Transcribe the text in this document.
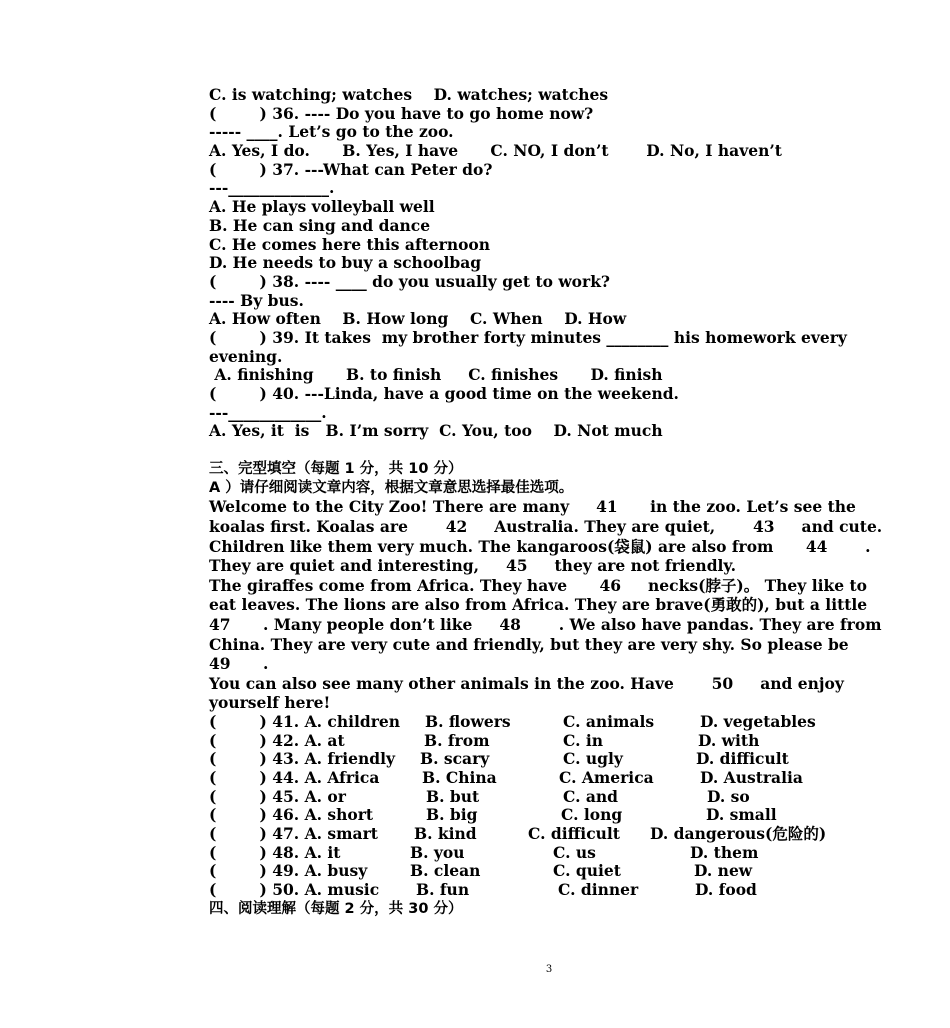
C. is watching; watches    D. watches; watches
(        ) 36. ---- Do you have to go home now?
----- ____. Let’s go to the zoo.
A. Yes, I do.      B. Yes, I have      C. NO, I don’t       D. No, I haven’t
(        ) 37. ---What can Peter do?
---_____________.
A. He plays volleyball well
B. He can sing and dance
C. He comes here this afternoon
D. He needs to buy a schoolbag
(        ) 38. ---- ____ do you usually get to work?
---- By bus.
A. How often    B. How long    C. When    D. How
(        ) 39. It takes  my brother forty minutes ________ his homework every
evening.
A. finishing      B. to finish     C. finishes      D. finish
(        ) 40. ---Linda, have a good time on the weekend.
---____________.
A. Yes, it  is   B. I’m sorry  C. You, too    D. Not much
三、完型填空（每题 1 分，共 10 分）
A ）请仔细阅读文章内容，根据文章意思选择最佳选项。
Welcome to the City Zoo! There are many     41      in the zoo. Let’s see the
koalas first. Koalas are       42     Australia. They are quiet,       43     and cute.
Children like them very much. The kangaroos(袋鼠) are also from      44       .
They are quiet and interesting,     45     they are not friendly.
The giraffes come from Africa. They have      46     necks(脖子)。 They like to
eat leaves. The lions are also from Africa. They are brave(勇敢的), but a little
47      . Many people don’t like     48       . We also have pandas. They are from
China. They are very cute and friendly, but they are very shy. So please be
49      .
You can also see many other animals in the zoo. Have       50     and enjoy
yourself here!
(        ) 41. A. children B. flowers	C. animals	D. vegetables
(        ) 42. A. at	B. from	C. in	D. with
(        ) 43. A. friendly B. scary	C. ugly	D. difficult
(        ) 44. A. Africa	B. China	C. America	D. Australia
(        ) 45. A. or	B. but	C. and	D. so
(        ) 46. A. short	B. big	C. long	D. small
(        ) 47. A. smart B. kind	C. difficult D. dangerous(危险的)
(        ) 48. A. it	B. you	C. us	D. them
(        ) 49. A. busy	B. clean	C. quiet	D. new
(        ) 50. A. music B. fun	C. dinner	D. food
四、阅读理解（每题 2 分，共 30 分）
3
